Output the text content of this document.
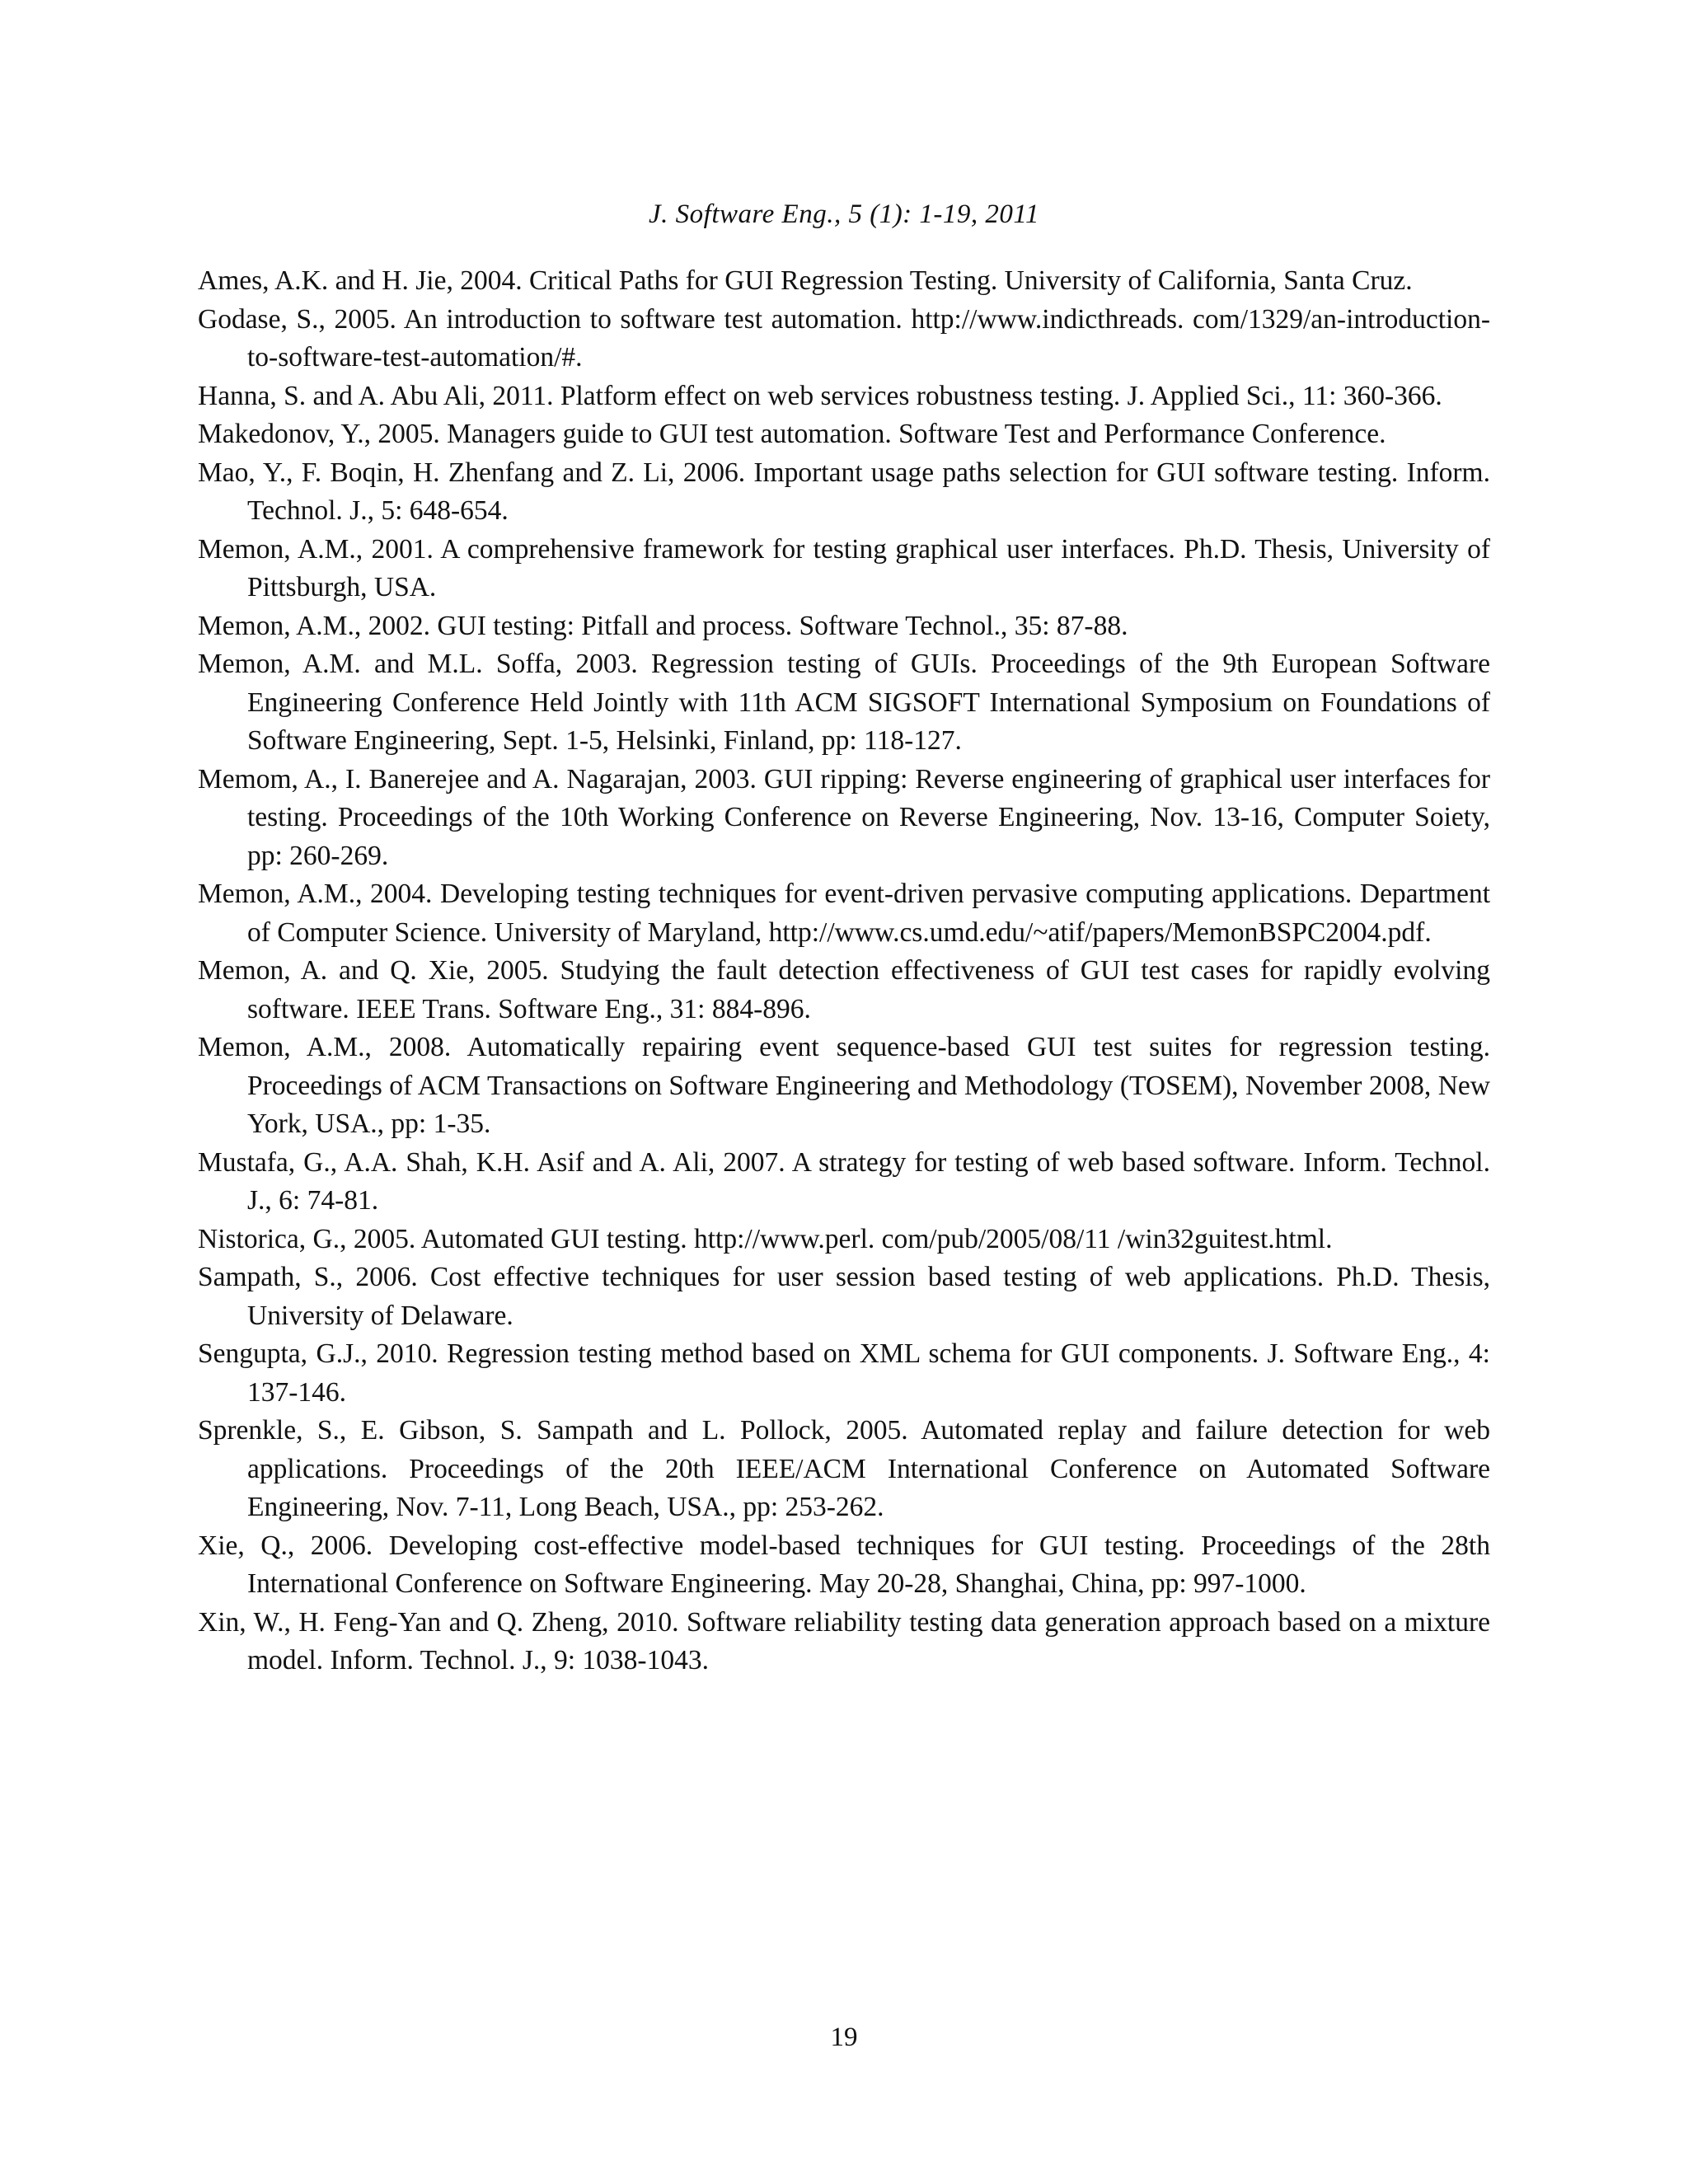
J. Software Eng., 5 (1): 1-19, 2011
Ames, A.K. and H. Jie, 2004. Critical Paths for GUI Regression Testing. University of California, Santa Cruz.
Godase, S., 2005. An introduction to software test automation. http://www.indicthreads. com/1329/an-introduction-to-software-test-automation/#.
Hanna, S. and A. Abu Ali, 2011. Platform effect on web services robustness testing. J. Applied Sci., 11: 360-366.
Makedonov, Y., 2005. Managers guide to GUI test automation. Software Test and Performance Conference.
Mao, Y., F. Boqin, H. Zhenfang and Z. Li, 2006. Important usage paths selection for GUI software testing. Inform. Technol. J., 5: 648-654.
Memon, A.M., 2001. A comprehensive framework for testing graphical user interfaces. Ph.D. Thesis, University of Pittsburgh, USA.
Memon, A.M., 2002. GUI testing: Pitfall and process. Software Technol., 35: 87-88.
Memon, A.M. and M.L. Soffa, 2003. Regression testing of GUIs. Proceedings of the 9th European Software Engineering Conference Held Jointly with 11th ACM SIGSOFT International Symposium on Foundations of Software Engineering, Sept. 1-5, Helsinki, Finland, pp: 118-127.
Memom, A., I. Banerejee and A. Nagarajan, 2003. GUI ripping: Reverse engineering of graphical user interfaces for testing. Proceedings of the 10th Working Conference on Reverse Engineering, Nov. 13-16, Computer Soiety, pp: 260-269.
Memon, A.M., 2004. Developing testing techniques for event-driven pervasive computing applications. Department of Computer Science. University of Maryland, http://www.cs.umd.edu/~atif/papers/MemonBSPC2004.pdf.
Memon, A. and Q. Xie, 2005. Studying the fault detection effectiveness of GUI test cases for rapidly evolving software. IEEE Trans. Software Eng., 31: 884-896.
Memon, A.M., 2008. Automatically repairing event sequence-based GUI test suites for regression testing. Proceedings of ACM Transactions on Software Engineering and Methodology (TOSEM), November 2008, New York, USA., pp: 1-35.
Mustafa, G., A.A. Shah, K.H. Asif and A. Ali, 2007. A strategy for testing of web based software. Inform. Technol. J., 6: 74-81.
Nistorica, G., 2005. Automated GUI testing. http://www.perl. com/pub/2005/08/11 /win32guitest.html.
Sampath, S., 2006. Cost effective techniques for user session based testing of web applications. Ph.D. Thesis, University of Delaware.
Sengupta, G.J., 2010. Regression testing method based on XML schema for GUI components. J. Software Eng., 4: 137-146.
Sprenkle, S., E. Gibson, S. Sampath and L. Pollock, 2005. Automated replay and failure detection for web applications. Proceedings of the 20th IEEE/ACM International Conference on Automated Software Engineering, Nov. 7-11, Long Beach, USA., pp: 253-262.
Xie, Q., 2006. Developing cost-effective model-based techniques for GUI testing. Proceedings of the 28th International Conference on Software Engineering. May 20-28, Shanghai, China, pp: 997-1000.
Xin, W., H. Feng-Yan and Q. Zheng, 2010. Software reliability testing data generation approach based on a mixture model. Inform. Technol. J., 9: 1038-1043.
19
